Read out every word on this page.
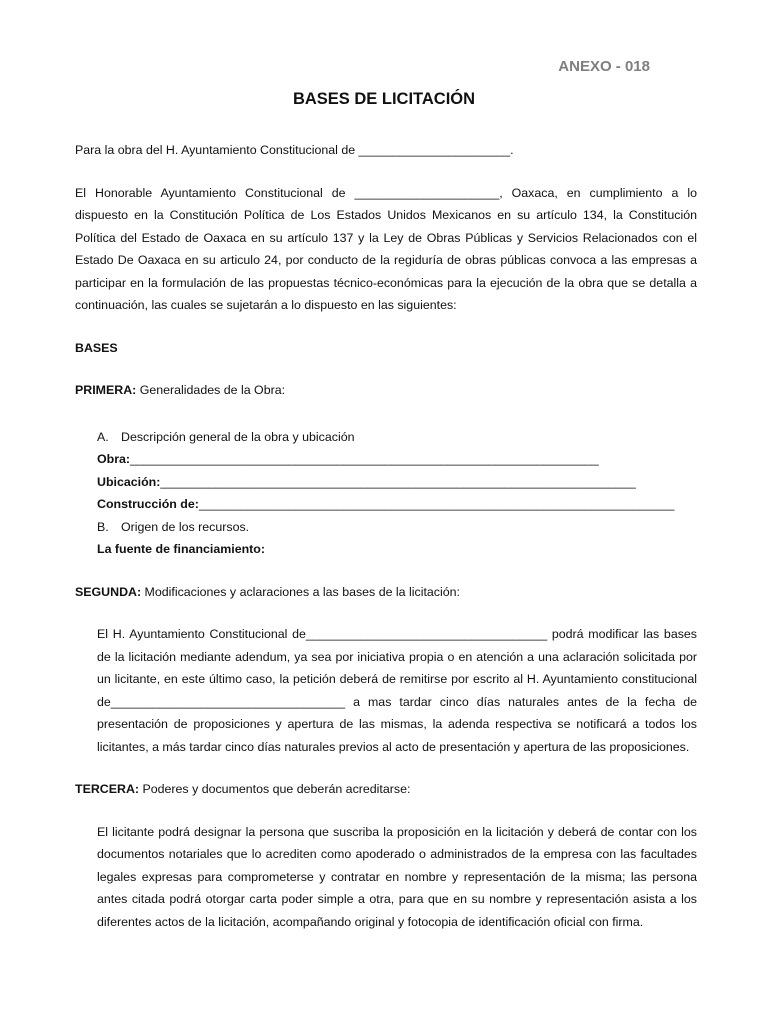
ANEXO - 018
BASES DE LICITACIÓN

Para la obra del H. Ayuntamiento Constitucional de ______________________.

El Honorable Ayuntamiento Constitucional de _____________________, Oaxaca, en cumplimiento a lo dispuesto en la Constitución Política de Los Estados Unidos Mexicanos en su artículo 134, la Constitución Política del Estado de Oaxaca en su artículo 137 y la Ley de Obras Públicas y Servicios Relacionados con el Estado De Oaxaca en su articulo 24, por conducto de la regiduría de obras públicas convoca a las empresas a participar en la formulación de las propuestas técnico-económicas para la ejecución de la obra que se detalla a continuación, las cuales se sujetarán a lo dispuesto en las siguientes:

BASES

PRIMERA: Generalidades de la Obra:

A. Descripción general de la obra y ubicación
Obra: ____________________________________________________________________
Ubicación: _____________________________________________________________________
Construcción de: _____________________________________________________________________
B. Origen de los recursos.
La fuente de financiamiento:

SEGUNDA: Modificaciones y aclaraciones a las bases de la licitación:

El H. Ayuntamiento Constitucional de___________________________________ podrá modificar las bases de la licitación mediante adendum, ya sea por iniciativa propia o en atención a una aclaración solicitada por un licitante, en este último caso, la petición deberá de remitirse por escrito al H. Ayuntamiento constitucional de__________________________________ a mas tardar cinco días naturales antes de la fecha de presentación de proposiciones y apertura de las mismas, la adenda respectiva se notificará a todos los licitantes, a más tardar cinco días naturales previos al acto de presentación y apertura de las proposiciones.

TERCERA: Poderes y documentos que deberán acreditarse:

El licitante podrá designar la persona que suscriba la proposición en la licitación y deberá de contar con los documentos notariales que lo acrediten como apoderado o administrados de la empresa con las facultades legales expresas para comprometerse y contratar en nombre y representación de la misma; las persona antes citada podrá otorgar carta poder simple a otra, para que en su nombre y representación asista a los diferentes actos de la licitación, acompañando original y fotocopia de identificación oficial con firma.
